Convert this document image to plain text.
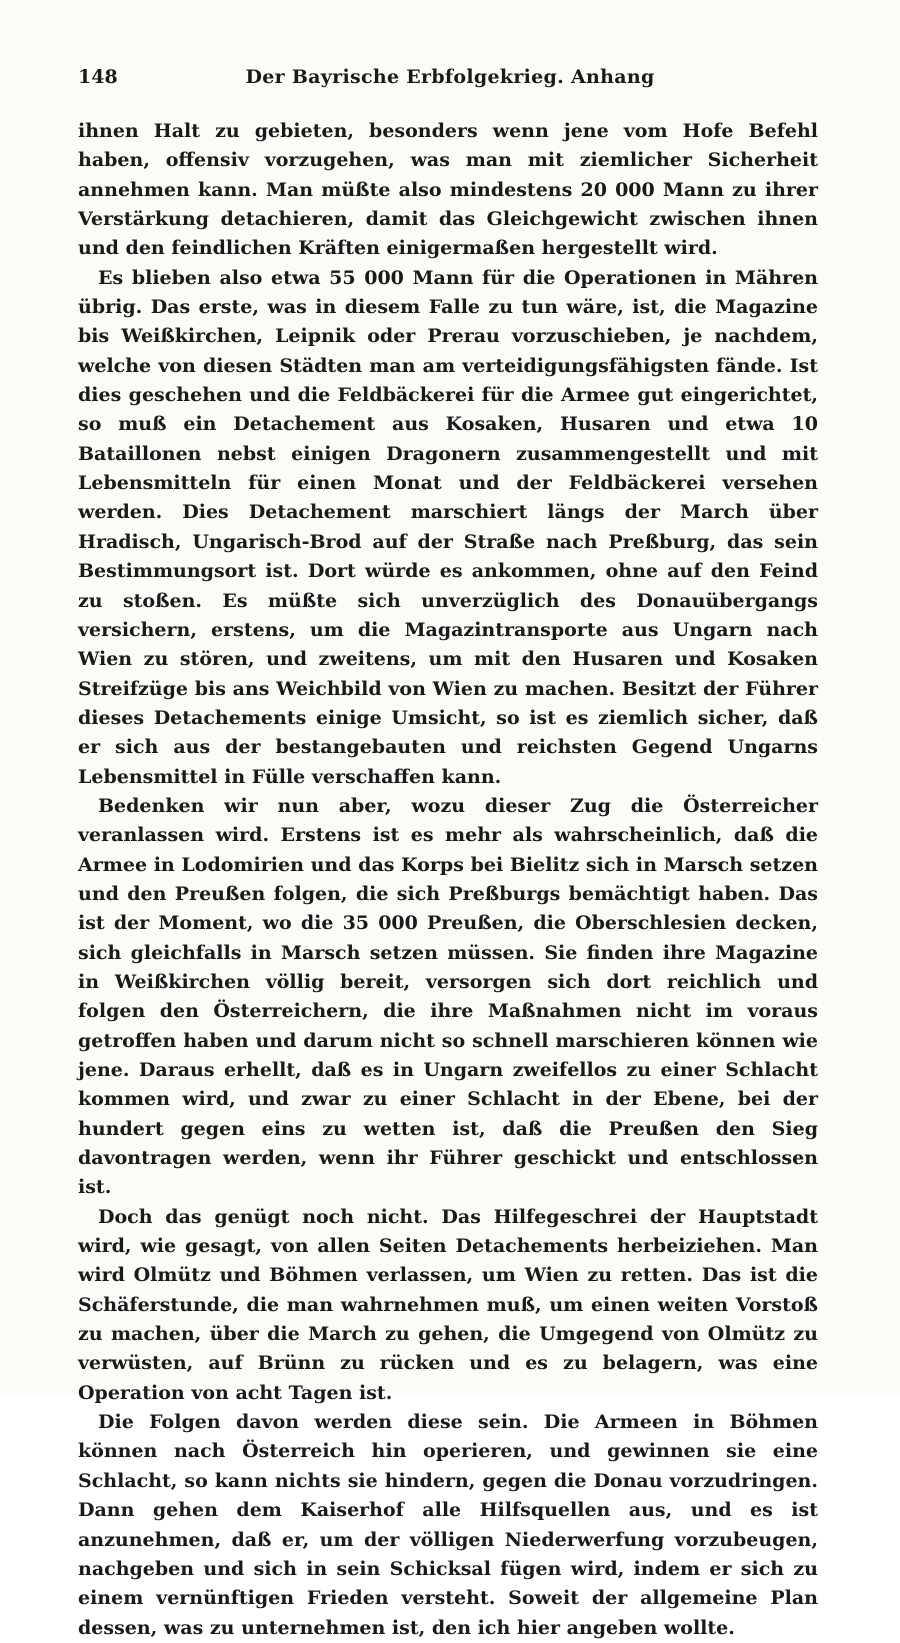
148	Der Bayrische Erbfolgekrieg. Anhang

ihnen Halt zu gebieten, besonders wenn jene vom Hofe Befehl haben, offensiv vorzugehen, was man mit ziemlicher Sicherheit annehmen kann. Man müßte also mindestens 20 000 Mann zu ihrer Verstärkung detachieren, damit das Gleichgewicht zwischen ihnen und den feindlichen Kräften einigermaßen hergestellt wird.

Es blieben also etwa 55 000 Mann für die Operationen in Mähren übrig. Das erste, was in diesem Falle zu tun wäre, ist, die Magazine bis Weißkirchen, Leipnik oder Prerau vorzuschieben, je nachdem, welche von diesen Städten man am verteidigungsfähigsten fände. Ist dies geschehen und die Feldbäckerei für die Armee gut eingerichtet, so muß ein Detachement aus Kosaken, Husaren und etwa 10 Bataillonen nebst einigen Dragonern zusammengestellt und mit Lebensmitteln für einen Monat und der Feldbäckerei versehen werden. Dies Detachement marschiert längs der March über Hradisch, Ungarisch-Brod auf der Straße nach Preßburg, das sein Bestimmungsort ist. Dort würde es ankommen, ohne auf den Feind zu stoßen. Es müßte sich unverzüglich des Donauübergangs versichern, erstens, um die Magazintransporte aus Ungarn nach Wien zu stören, und zweitens, um mit den Husaren und Kosaken Streifzüge bis ans Weichbild von Wien zu machen. Besitzt der Führer dieses Detachements einige Umsicht, so ist es ziemlich sicher, daß er sich aus der bestangebauten und reichsten Gegend Ungarns Lebensmittel in Fülle verschaffen kann.

Bedenken wir nun aber, wozu dieser Zug die Österreicher veranlassen wird. Erstens ist es mehr als wahrscheinlich, daß die Armee in Lodomirien und das Korps bei Bielitz sich in Marsch setzen und den Preußen folgen, die sich Preßburgs bemächtigt haben. Das ist der Moment, wo die 35 000 Preußen, die Oberschlesien decken, sich gleichfalls in Marsch setzen müssen. Sie finden ihre Magazine in Weißkirchen völlig bereit, versorgen sich dort reichlich und folgen den Österreichern, die ihre Maßnahmen nicht im voraus getroffen haben und darum nicht so schnell marschieren können wie jene. Daraus erhellt, daß es in Ungarn zweifellos zu einer Schlacht kommen wird, und zwar zu einer Schlacht in der Ebene, bei der hundert gegen eins zu wetten ist, daß die Preußen den Sieg davontragen werden, wenn ihr Führer geschickt und entschlossen ist.

Doch das genügt noch nicht. Das Hilfegeschrei der Hauptstadt wird, wie gesagt, von allen Seiten Detachements herbeiziehen. Man wird Olmütz und Böhmen verlassen, um Wien zu retten. Das ist die Schäferstunde, die man wahrnehmen muß, um einen weiten Vorstoß zu machen, über die March zu gehen, die Umgegend von Olmütz zu verwüsten, auf Brünn zu rücken und es zu belagern, was eine Operation von acht Tagen ist.

Die Folgen davon werden diese sein. Die Armeen in Böhmen können nach Österreich hin operieren, und gewinnen sie eine Schlacht, so kann nichts sie hindern, gegen die Donau vorzudringen. Dann gehen dem Kaiserhof alle Hilfsquellen aus, und es ist anzunehmen, daß er, um der völligen Niederwerfung vorzubeugen, nachgeben und sich in sein Schicksal fügen wird, indem er sich zu einem vernünftigen Frieden versteht. Soweit der allgemeine Plan dessen, was zu unternehmen ist, den ich hier angeben wollte.
